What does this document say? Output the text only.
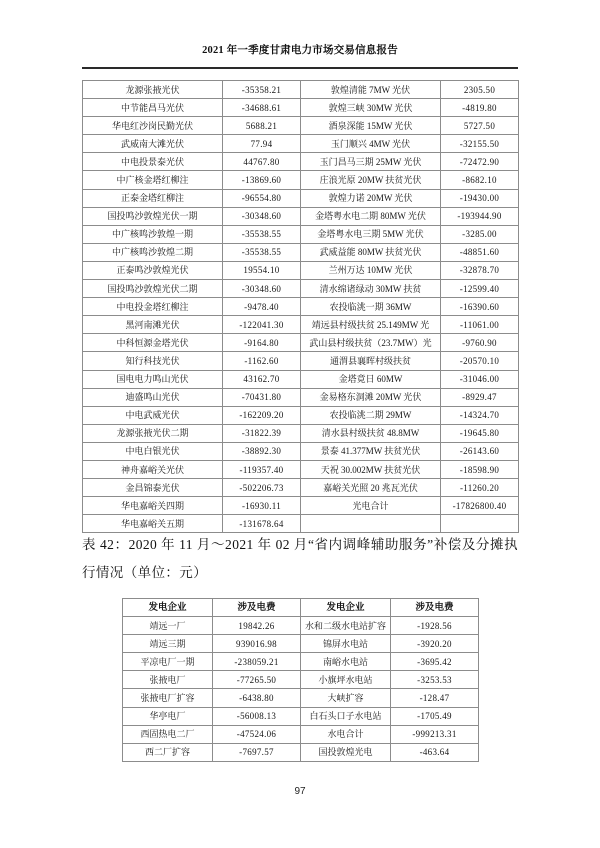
2021 年一季度甘肃电力市场交易信息报告
龙源张掖光伏	-35358.21	敦煌清能 7MW 光伏	2305.50
中节能昌马光伏	-34688.61	敦煌三峡 30MW 光伏	-4819.80
华电红沙岗民勤光伏	5688.21	酒泉深能 15MW 光伏	5727.50
武威南大滩光伏	77.94	玉门顺兴 4MW 光伏	-32155.50
中电投景泰光伏	44767.80	玉门昌马三期 25MW 光伏	-72472.90
中广核金塔红柳注	-13869.60	庄浪光原 20MW 扶贫光伏	-8682.10
正泰金塔红柳注	-96554.80	敦煌力诺 20MW 光伏	-19430.00
国投鸣沙敦煌光伏一期	-30348.60	金塔粤水电二期 80MW 光伏	-193944.90
中广核鸣沙敦煌一期	-35538.55	金塔粤水电三期 5MW 光伏	-3285.00
中广核鸣沙敦煌二期	-35538.55	武威益能 80MW 扶贫光伏	-48851.60
正泰鸣沙敦煌光伏	19554.10	兰州万达 10MW 光伏	-32878.70
国投鸣沙敦煌光伏二期	-30348.60	清水绵诸绿动 30MW 扶贫	-12599.40
中电投金塔红柳注	-9478.40	农投临洮一期 36MW	-16390.60
黑河南滩光伏	-122041.30	靖远县村级扶贫 25.149MW 光	-11061.00
中科恒源金塔光伏	-9164.80	武山县村级扶贫（23.7MW）光	-9760.90
知行科技光伏	-1162.60	通渭县襄晖村级扶贫	-20570.10
国电电力鸣山光伏	43162.70	金塔竟日 60MW	-31046.00
迪盛鸣山光伏	-70431.80	金易格东洞滩 20MW 光伏	-8929.47
中电武威光伏	-162209.20	农投临洮二期 29MW	-14324.70
龙源张掖光伏二期	-31822.39	清水县村级扶贫 48.8MW	-19645.80
中电白银光伏	-38892.30	景泰 41.377MW 扶贫光伏	-26143.60
神舟嘉峪关光伏	-119357.40	天祝 30.002MW 扶贫光伏	-18598.90
金昌锦泰光伏	-502206.73	嘉峪关光照 20 兆瓦光伏	-11260.20
华电嘉峪关四期	-16930.11	光电合计	-17826800.40
华电嘉峪关五期	-131678.64		
表 42：2020 年 11 月～2021 年 02 月“省内调峰辅助服务”补偿及分摊执行情况（单位：元）
发电企业	涉及电费	发电企业	涉及电费
靖远一厂	19842.26	水和二级水电站扩容	-1928.56
靖远三期	939016.98	锦屏水电站	-3920.20
平凉电厂一期	-238059.21	南峪水电站	-3695.42
张掖电厂	-77265.50	小旗坪水电站	-3253.53
张掖电厂扩容	-6438.80	大峡扩容	-128.47
华亭电厂	-56008.13	白石头口子水电站	-1705.49
西固热电二厂	-47524.06	水电合计	-999213.31
西二厂扩容	-7697.57	国投敦煌光电	-463.64
97
